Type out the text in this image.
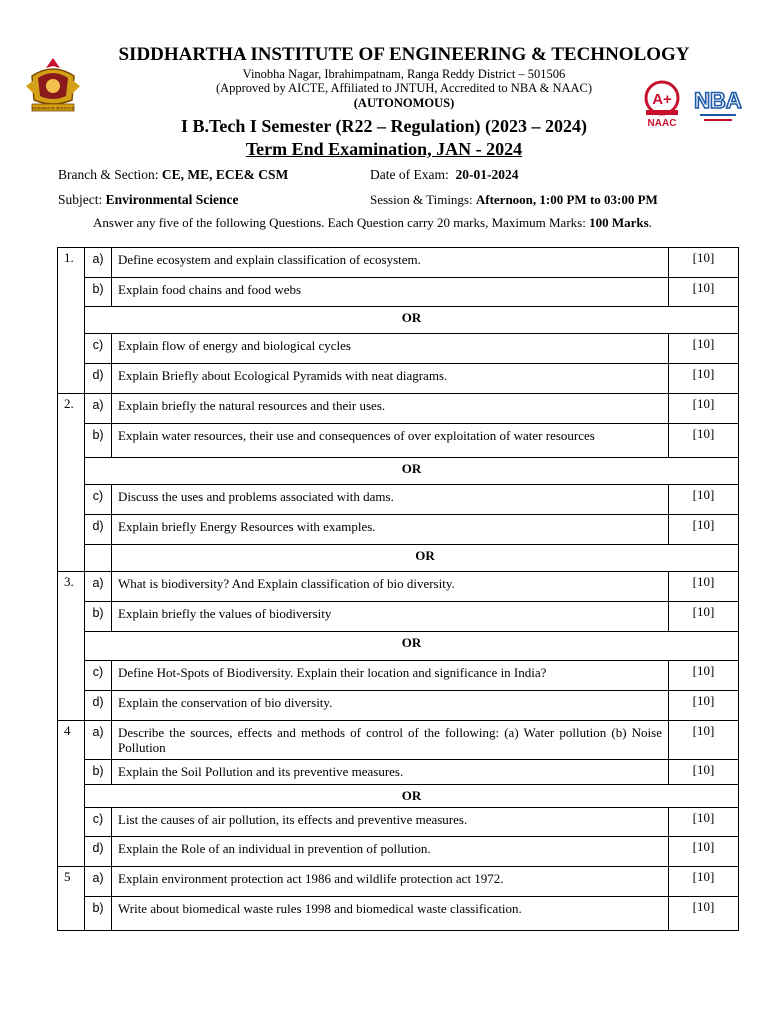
SIDDHARTHA INSTITUTE
A+
NAAC
NBA
SIDDHARTHA INSTITUTE OF ENGINEERING & TECHNOLOGY
Vinobha Nagar, Ibrahimpatnam, Ranga Reddy District – 501506
(Approved by AICTE, Affiliated to JNTUH, Accredited to NBA & NAAC)
(AUTONOMOUS)
I B.Tech I Semester (R22 – Regulation) (2023 – 2024)
Term End Examination, JAN - 2024
Branch & Section: CE, ME, ECE& CSM	Date of Exam: 20-01-2024
Subject: Environmental Science	Session & Timings: Afternoon, 1:00 PM to 03:00 PM
Answer any five of the following Questions. Each Question carry 20 marks, Maximum Marks: 100 Marks.
1.	a)	Define ecosystem and explain classification of ecosystem.	[10]
	b)	Explain food chains and food webs	[10]
	OR		
	c)	Explain flow of energy and biological cycles	[10]
	d)	Explain Briefly about Ecological Pyramids with neat diagrams.	[10]
2.	a)	Explain briefly the natural resources and their uses.	[10]
	b)	Explain water resources, their use and consequences of over exploitation of water resources	[10]
	OR		
	c)	Discuss the uses and problems associated with dams.	[10]
	d)	Explain briefly Energy Resources with examples.	[10]
		OR	
3.	a)	What is biodiversity? And Explain classification of bio diversity.	[10]
	b)	Explain briefly the values of biodiversity	[10]
	OR		
	c)	Define Hot-Spots of Biodiversity. Explain their location and significance in India?	[10]
	d)	Explain the conservation of bio diversity.	[10]
4	a)	Describe the sources, effects and methods of control of the following: (a) Water pollution (b) Noise Pollution	[10]
	b)	Explain the Soil Pollution and its preventive measures.	[10]
	OR		
	c)	List the causes of air pollution, its effects and preventive measures.	[10]
	d)	Explain the Role of an individual in prevention of pollution.	[10]
5	a)	Explain environment protection act 1986 and wildlife protection act 1972.	[10]
	b)	Write about biomedical waste rules 1998 and biomedical waste classification.	[10]
